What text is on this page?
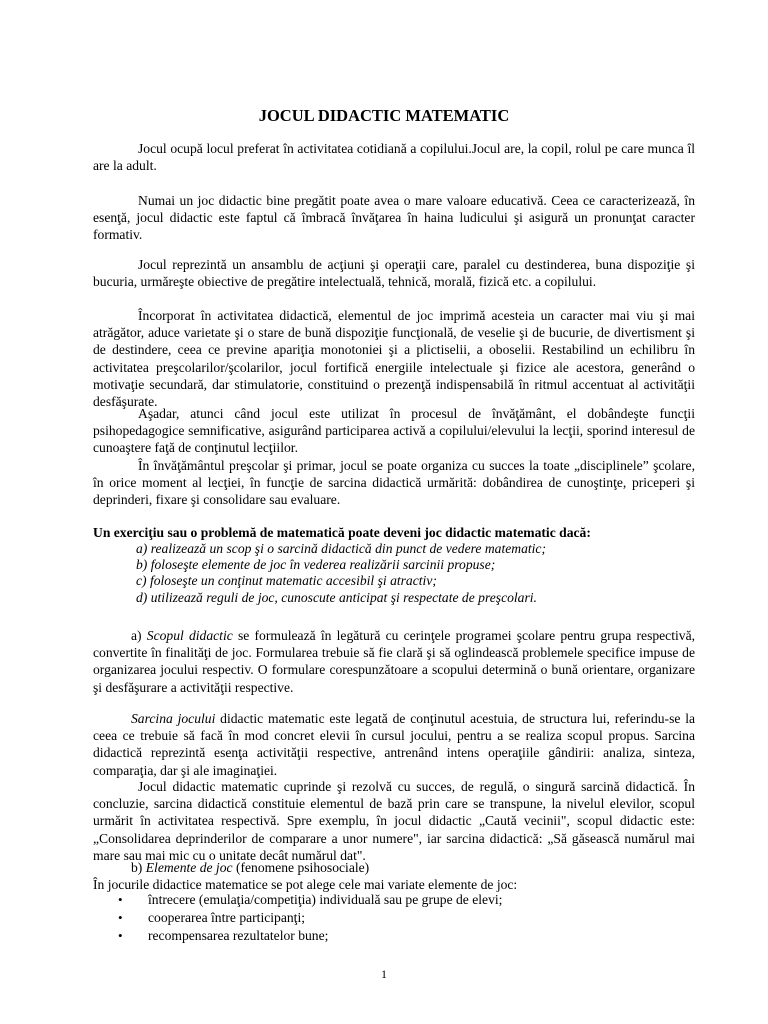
JOCUL DIDACTIC MATEMATIC

Jocul ocupă locul preferat în activitatea cotidiană a copilului.Jocul are, la copil, rolul pe care munca îl are la adult.

Numai un joc didactic bine pregătit poate avea o mare valoare educativă. Ceea ce caracterizează, în esenţă, jocul didactic este faptul că îmbracă învăţarea în haina ludicului şi asigură un pronunţat caracter formativ.

Jocul reprezintă un ansamblu de acţiuni şi operaţii care, paralel cu destinderea, buna dispoziţie şi bucuria, urmăreşte obiective de pregătire intelectuală, tehnică, morală, fizică etc. a copilului.

Încorporat în activitatea didactică, elementul de joc imprimă acesteia un caracter mai viu şi mai atrăgător, aduce varietate şi o stare de bună dispoziţie funcţională, de veselie şi de bucurie, de divertisment şi de destindere, ceea ce previne apariţia monotoniei şi a plictiselii, a oboselii. Restabilind un echilibru în activitatea preşcolarilor/şcolarilor, jocul fortifică energiile intelectuale şi fizice ale acestora, generând o motivaţie secundară, dar stimulatorie, constituind o prezenţă indispensabilă în ritmul accentuat al activităţii desfăşurate.

Aşadar, atunci când jocul este utilizat în procesul de învăţământ, el dobândeşte funcţii psihopedagogice semnificative, asigurând participarea activă a copilului/elevului la lecţii, sporind interesul de cunoaştere faţă de conţinutul lecţiilor.

În învăţământul preşcolar şi primar, jocul se poate organiza cu succes la toate „disciplinele” şcolare, în orice moment al lecţiei, în funcţie de sarcina didactică urmărită: dobândirea de cunoştinţe, priceperi şi deprinderi, fixare şi consolidare sau evaluare.

Un exerciţiu sau o problemă de matematică poate deveni joc didactic matematic dacă:

a) realizează un scop şi o sarcină didactică din punct de vedere matematic;
b) foloseşte elemente de joc în vederea realizării sarcinii propuse;
c) foloseşte un conţinut matematic accesibil şi atractiv;
d) utilizează reguli de joc, cunoscute anticipat şi respectate de preşcolari.

a) Scopul didactic se formulează în legătură cu cerinţele programei şcolare pentru grupa respectivă, convertite în finalităţi de joc. Formularea trebuie să fie clară şi să oglindească problemele specifice impuse de organizarea jocului respectiv. O formulare corespunzătoare a scopului determină o bună orientare, organizare şi desfăşurare a activităţii respective.

Sarcina jocului didactic matematic este legată de conţinutul acestuia, de structura lui, referindu-se la ceea ce trebuie să facă în mod concret elevii în cursul jocului, pentru a se realiza scopul propus. Sarcina didactică reprezintă esenţa activităţii respective, antrenând intens operaţiile gândirii: analiza, sinteza, comparaţia, dar şi ale imaginaţiei.

Jocul didactic matematic cuprinde şi rezolvă cu succes, de regulă, o singură sarcină didactică. În concluzie, sarcina didactică constituie elementul de bază prin care se transpune, la nivelul elevilor, scopul urmărit în activitatea respectivă. Spre exemplu, în jocul didactic „Caută vecinii", scopul didactic este: „Consolidarea deprinderilor de comparare a unor numere", iar sarcina didactică: „Să găsească numărul mai mare sau mai mic cu o unitate decât numărul dat".

b) Elemente de joc (fenomene psihosociale)

În jocurile didactice matematice se pot alege cele mai variate elemente de joc:

• întrecere (emulaţia/competiţia) individuală sau pe grupe de elevi;
• cooperarea între participanţi;
• recompensarea rezultatelor bune;
1
